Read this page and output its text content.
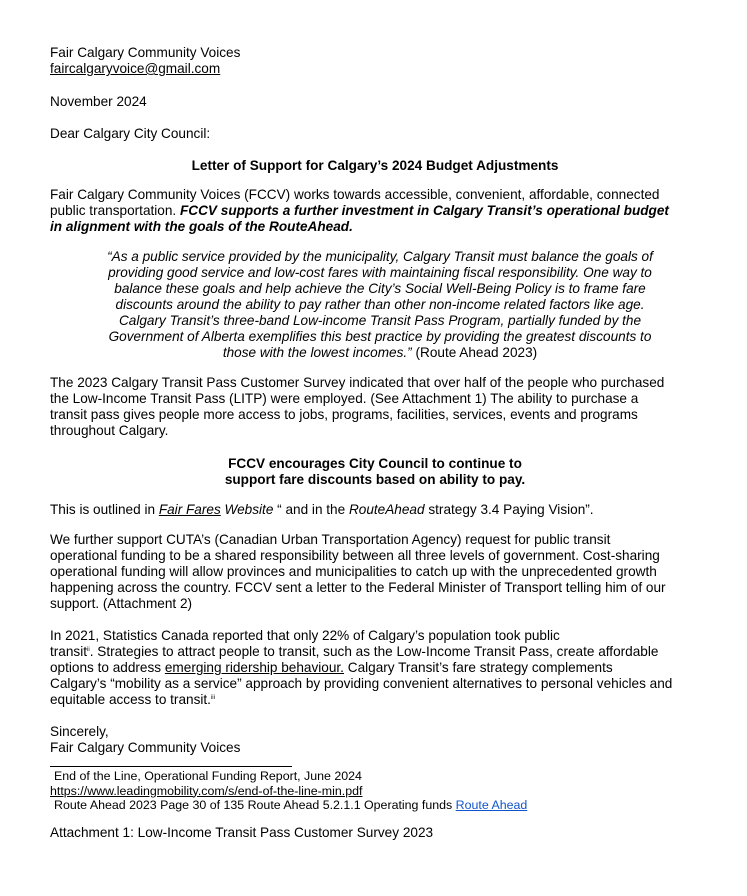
Fair Calgary Community Voices
faircalgaryvoice@gmail.com
November 2024
Dear Calgary City Council:
Letter of Support for Calgary’s 2024 Budget Adjustments
Fair Calgary Community Voices (FCCV) works towards accessible, convenient, affordable, connected
public transportation. FCCV supports a further investment in Calgary Transit’s operational budget
in alignment with the goals of the RouteAhead.
“As a public service provided by the municipality, Calgary Transit must balance the goals of
providing good service and low-cost fares with maintaining fiscal responsibility. One way to
balance these goals and help achieve the City’s Social Well-Being Policy is to frame fare
discounts around the ability to pay rather than other non-income related factors like age.
Calgary Transit’s three-band Low-income Transit Pass Program, partially funded by the
Government of Alberta exemplifies this best practice by providing the greatest discounts to
those with the lowest incomes.” (Route Ahead 2023)
The 2023 Calgary Transit Pass Customer Survey indicated that over half of the people who purchased
the Low-Income Transit Pass (LITP) were employed. (See Attachment 1) The ability to purchase a
transit pass gives people more access to jobs, programs, facilities, services, events and programs
throughout Calgary.
FCCV encourages City Council to continue to
support fare discounts based on ability to pay.
This is outlined in Fair Fares Website “ and in the RouteAhead strategy 3.4 Paying Vision”.
We further support CUTA’s (Canadian Urban Transportation Agency) request for public transit
operational funding to be a shared responsibility between all three levels of government. Cost-sharing
operational funding will allow provinces and municipalities to catch up with the unprecedented growth
happening across the country. FCCV sent a letter to the Federal Minister of Transport telling him of our
support. (Attachment 2)
In 2021, Statistics Canada reported that only 22% of Calgary’s population took public
transit$^{ii}$. Strategies to attract people to transit, such as the Low-Income Transit Pass, create affordable
options to address emerging ridership behaviour. Calgary Transit’s fare strategy complements
Calgary’s “mobility as a service” approach by providing convenient alternatives to personal vehicles and
equitable access to transit.$^{iii}$
Sincerely,
Fair Calgary Community Voices
End of the Line, Operational Funding Report, June 2024
https://www.leadingmobility.com/s/end-of-the-line-min.pdf
Route Ahead 2023 Page 30 of 135 Route Ahead 5.2.1.1 Operating funds Route Ahead
Attachment 1: Low-Income Transit Pass Customer Survey 2023
